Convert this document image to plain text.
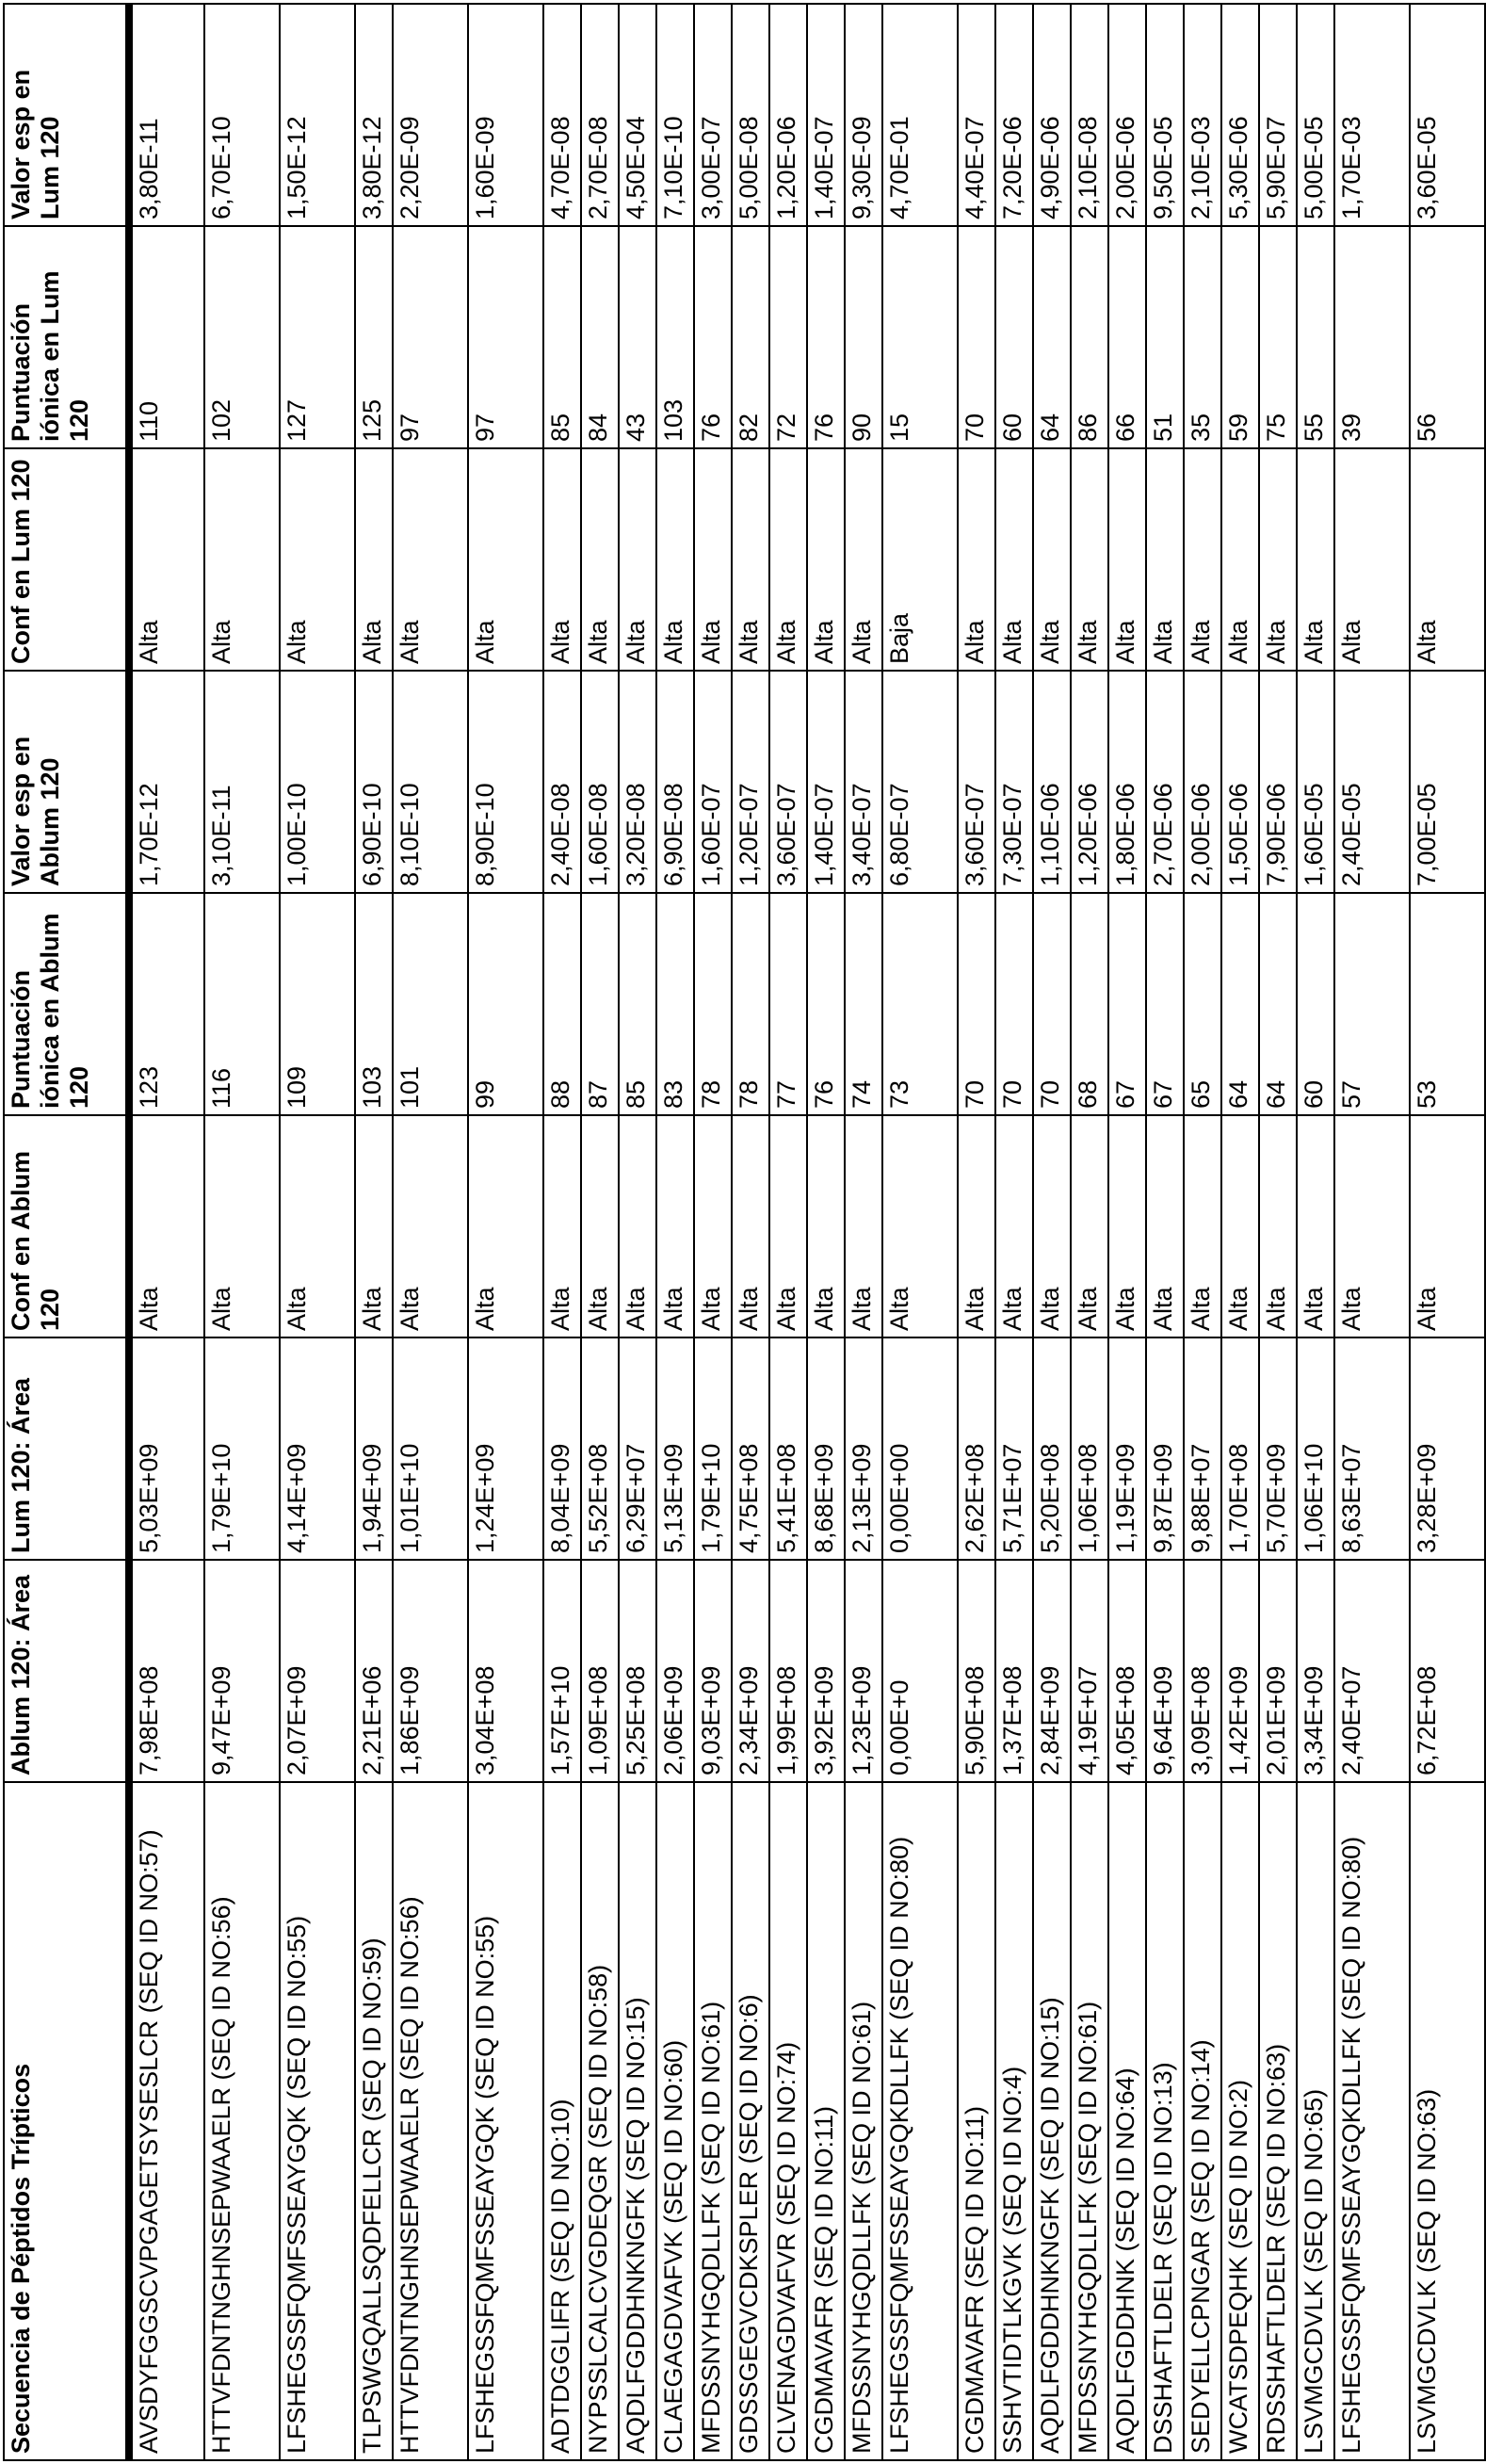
Secuencia de Péptidos Trípticos	Ablum 120: Área	Lum 120: Área	Conf en Ablum 120	Puntuación iónica en Ablum 120	Valor esp en Ablum 120	Conf en Lum 120	Puntuación iónica en Lum 120	Valor esp en Lum 120
AVSDYFGGSCVPGAGETSYSESLCR (SEQ ID NO:57)	7,98E+08	5,03E+09	Alta	123	1,70E-12	Alta	110	3,80E-11
HTTVFDNTNGHNSEPWAAELR (SEQ ID NO:56)	9,47E+09	1,79E+10	Alta	116	3,10E-11	Alta	102	6,70E-10
LFSHEGSSFQMFSSEAYGQK (SEQ ID NO:55)	2,07E+09	4,14E+09	Alta	109	1,00E-10	Alta	127	1,50E-12
TLPSWGQALLSQDFELLCR (SEQ ID NO:59)	2,21E+06	1,94E+09	Alta	103	6,90E-10	Alta	125	3,80E-12
HTTVFDNTNGHNSEPWAAELR (SEQ ID NO:56)	1,86E+09	1,01E+10	Alta	101	8,10E-10	Alta	97	2,20E-09
LFSHEGSSFQMFSSEAYGQK (SEQ ID NO:55)	3,04E+08	1,24E+09	Alta	99	8,90E-10	Alta	97	1,60E-09
ADTDGGLIFR (SEQ ID NO:10)	1,57E+10	8,04E+09	Alta	88	2,40E-08	Alta	85	4,70E-08
NYPSSLCALCVGDEQGR (SEQ ID NO:58)	1,09E+08	5,52E+08	Alta	87	1,60E-08	Alta	84	2,70E-08
AQDLFGDDHNKNGFK (SEQ ID NO:15)	5,25E+08	6,29E+07	Alta	85	3,20E-08	Alta	43	4,50E-04
CLAEGAGDVAFVK (SEQ ID NO:60)	2,06E+09	5,13E+09	Alta	83	6,90E-08	Alta	103	7,10E-10
MFDSSNYHGQDLLFK (SEQ ID NO:61)	9,03E+09	1,79E+10	Alta	78	1,60E-07	Alta	76	3,00E-07
GDSSGEGVCDKSPLER (SEQ ID NO:6)	2,34E+09	4,75E+08	Alta	78	1,20E-07	Alta	82	5,00E-08
CLVENAGDVAFVR (SEQ ID NO:74)	1,99E+08	5,41E+08	Alta	77	3,60E-07	Alta	72	1,20E-06
CGDMAVAFR (SEQ ID NO:11)	3,92E+09	8,68E+09	Alta	76	1,40E-07	Alta	76	1,40E-07
MFDSSNYHGQDLLFK (SEQ ID NO:61)	1,23E+09	2,13E+09	Alta	74	3,40E-07	Alta	90	9,30E-09
LFSHEGSSFQMFSSEAYGQKDLLFK (SEQ ID NO:80)	0,00E+0	0,00E+00	Alta	73	6,80E-07	Baja	15	4,70E-01
CGDMAVAFR (SEQ ID NO:11)	5,90E+08	2,62E+08	Alta	70	3,60E-07	Alta	70	4,40E-07
SSHVTIDTLKGVK (SEQ ID NO:4)	1,37E+08	5,71E+07	Alta	70	7,30E-07	Alta	60	7,20E-06
AQDLFGDDHNKNGFK (SEQ ID NO:15)	2,84E+09	5,20E+08	Alta	70	1,10E-06	Alta	64	4,90E-06
MFDSSNYHGQDLLFK (SEQ ID NO:61)	4,19E+07	1,06E+08	Alta	68	1,20E-06	Alta	86	2,10E-08
AQDLFGDDHNK (SEQ ID NO:64)	4,05E+08	1,19E+09	Alta	67	1,80E-06	Alta	66	2,00E-06
DSSHAFTLDELR (SEQ ID NO:13)	9,64E+09	9,87E+09	Alta	67	2,70E-06	Alta	51	9,50E-05
SEDYELLCPNGAR (SEQ ID NO:14)	3,09E+08	9,88E+07	Alta	65	2,00E-06	Alta	35	2,10E-03
WCATSDPEQHK (SEQ ID NO:2)	1,42E+09	1,70E+08	Alta	64	1,50E-06	Alta	59	5,30E-06
RDSSHAFTLDELR (SEQ ID NO:63)	2,01E+09	5,70E+09	Alta	64	7,90E-06	Alta	75	5,90E-07
LSVMGCDVLK (SEQ ID NO:65)	3,34E+09	1,06E+10	Alta	60	1,60E-05	Alta	55	5,00E-05
LFSHEGSSFQMFSSEAYGQKDLLFK (SEQ ID NO:80)	2,40E+07	8,63E+07	Alta	57	2,40E-05	Alta	39	1,70E-03
LSVMGCDVLK (SEQ ID NO:63)	6,72E+08	3,28E+09	Alta	53	7,00E-05	Alta	56	3,60E-05
